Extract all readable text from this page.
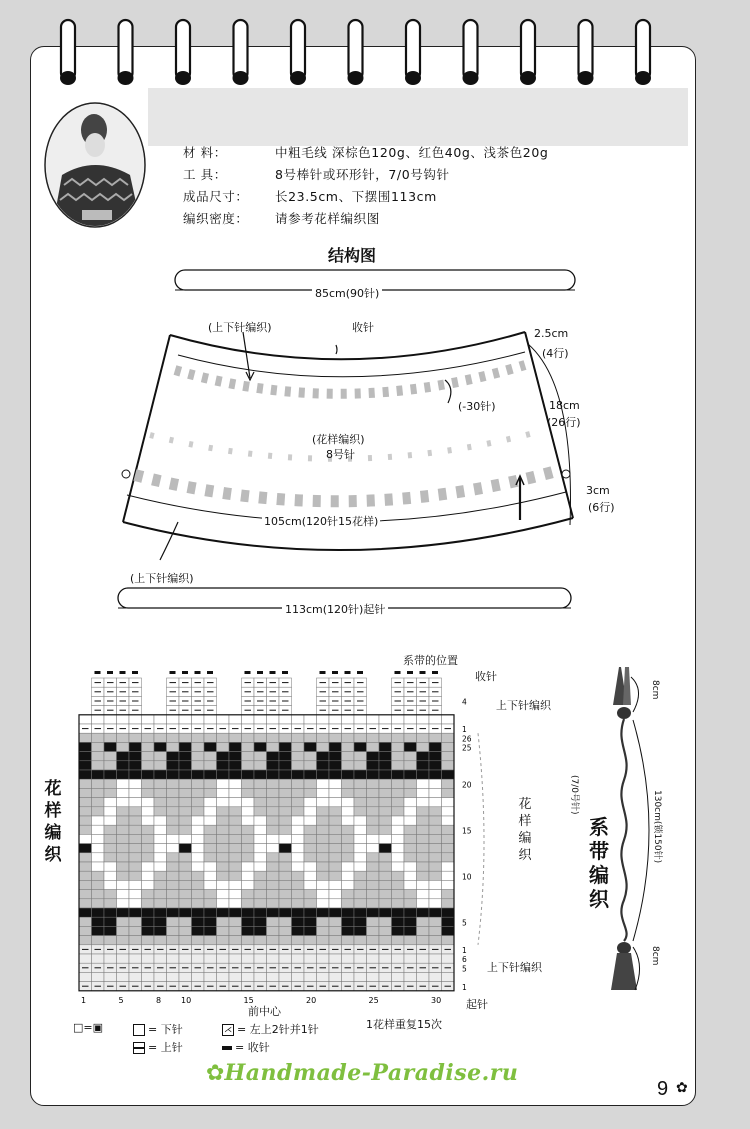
材 料：	中粗毛线 深棕色120g、红色40g、浅茶色20g
工 具：	8号棒针或环形针，7/0号钩针
成品尺寸： 长23.5cm、下摆围113cm
编织密度： 请参考花样编织图
结构图
85cm(90针)
(上下针编织)	收针	2.5cm
(4行)
(-30针)	18cm
(26行)
(花样编织)
8号针
3cm
(6行)
105cm(120针15花样)
(上下针编织)
113cm(120针)起针
花样编织
系带的位置
收针
上下针编织
花样编织
上下针编织
起针
前中心
1花样重复15次
4
1
26
25
20
15
10
5
1
6
5
1
30
25
20
15
10
8
5
1
系带编织
(7/0号针)
8cm
130cm(锁150针)
8cm
□=▣	= 下针	⋌ = 左上2针并1针
= 上针	= 收针
✿Handmade-Paradise.ru
9 ✿
